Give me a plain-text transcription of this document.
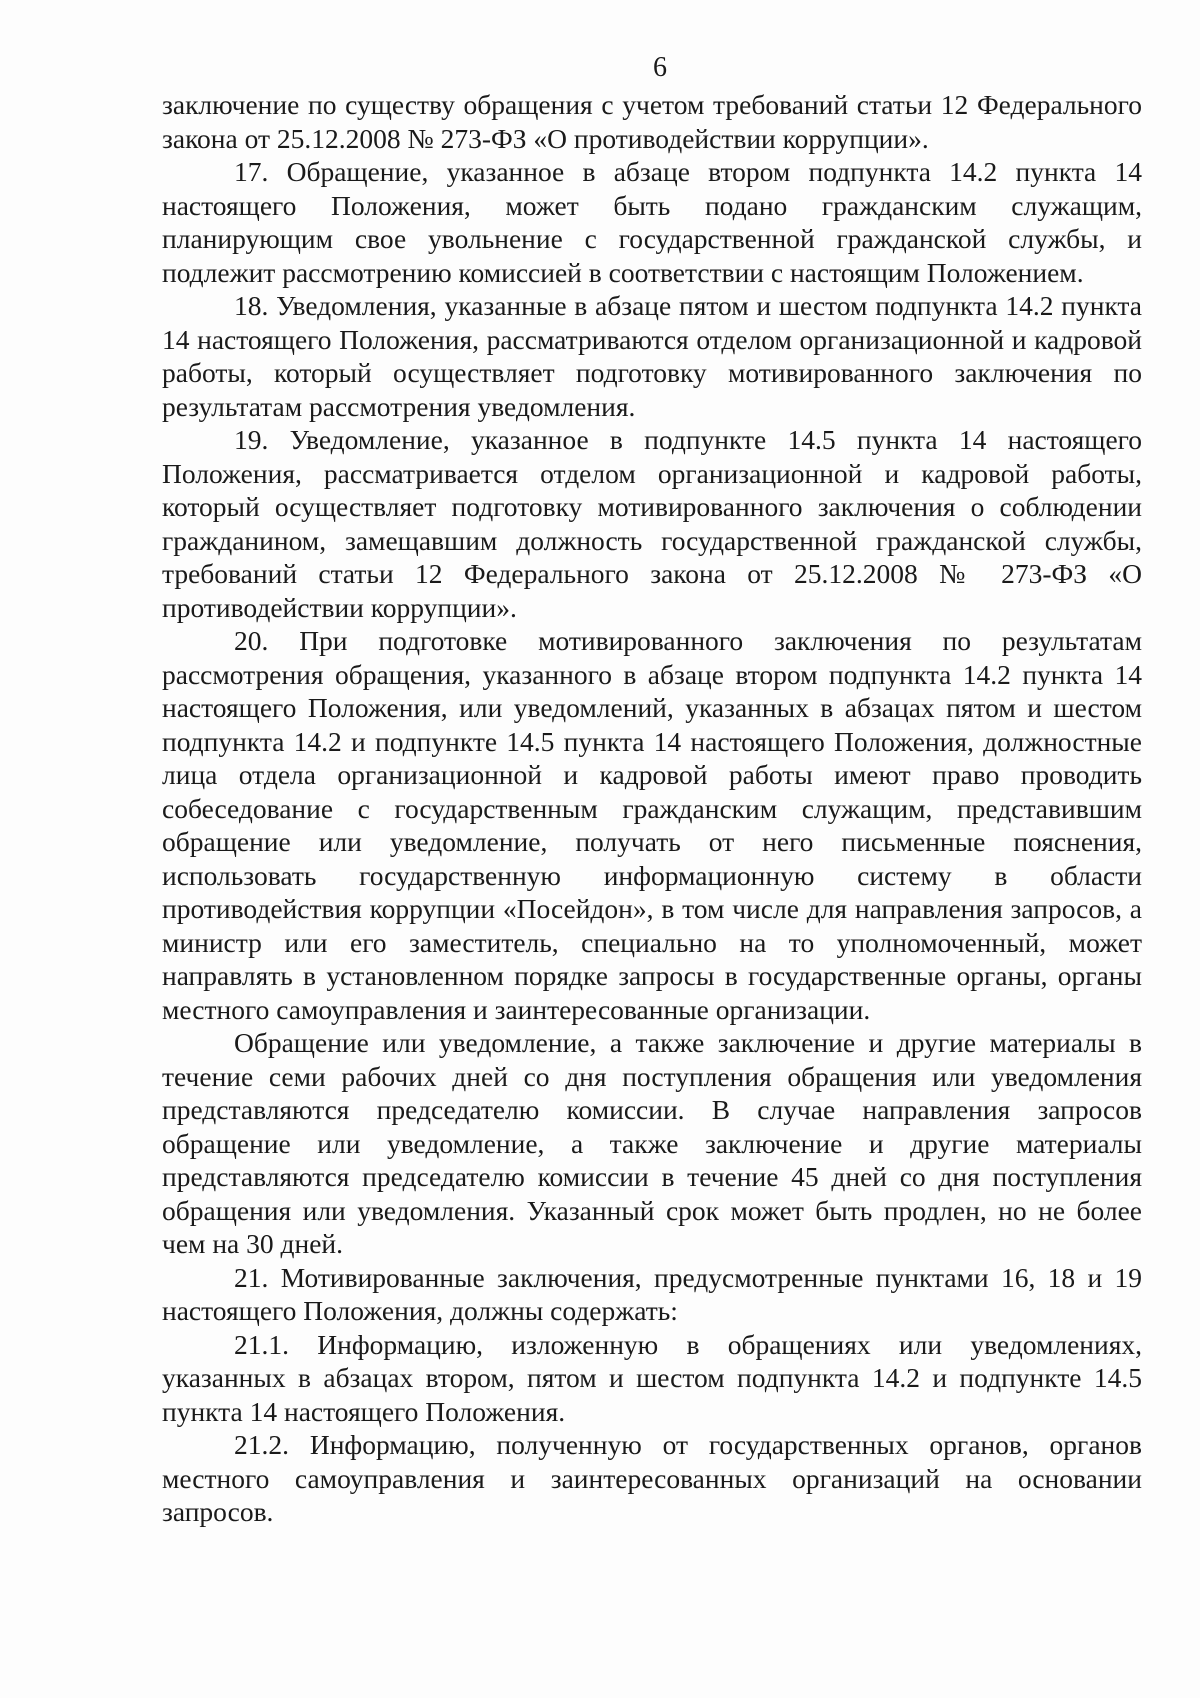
6

заключение по существу обращения с учетом требований статьи 12 Федерального закона от 25.12.2008 № 273-ФЗ «О противодействии коррупции».

17. Обращение, указанное в абзаце втором подпункта 14.2 пункта 14 настоящего Положения, может быть подано гражданским служащим, планирующим свое увольнение с государственной гражданской службы, и подлежит рассмотрению комиссией в соответствии с настоящим Положением.

18. Уведомления, указанные в абзаце пятом и шестом подпункта 14.2 пункта 14 настоящего Положения, рассматриваются отделом организационной и кадровой работы, который осуществляет подготовку мотивированного заключения по результатам рассмотрения уведомления.

19. Уведомление, указанное в подпункте 14.5 пункта 14 настоящего Положения, рассматривается отделом организационной и кадровой работы, который осуществляет подготовку мотивированного заключения о соблюдении гражданином, замещавшим должность государственной гражданской службы, требований статьи 12 Федерального закона от 25.12.2008 № 273-ФЗ «О противодействии коррупции».

20. При подготовке мотивированного заключения по результатам рассмотрения обращения, указанного в абзаце втором подпункта 14.2 пункта 14 настоящего Положения, или уведомлений, указанных в абзацах пятом и шестом подпункта 14.2 и подпункте 14.5 пункта 14 настоящего Положения, должностные лица отдела организационной и кадровой работы имеют право проводить собеседование с государственным гражданским служащим, представившим обращение или уведомление, получать от него письменные пояснения, использовать государственную информационную систему в области противодействия коррупции «Посейдон», в том числе для направления запросов, а министр или его заместитель, специально на то уполномоченный, может направлять в установленном порядке запросы в государственные органы, органы местного самоуправления и заинтересованные организации.

Обращение или уведомление, а также заключение и другие материалы в течение семи рабочих дней со дня поступления обращения или уведомления представляются председателю комиссии. В случае направления запросов обращение или уведомление, а также заключение и другие материалы представляются председателю комиссии в течение 45 дней со дня поступления обращения или уведомления. Указанный срок может быть продлен, но не более чем на 30 дней.

21. Мотивированные заключения, предусмотренные пунктами 16, 18 и 19 настоящего Положения, должны содержать:

21.1. Информацию, изложенную в обращениях или уведомлениях, указанных в абзацах втором, пятом и шестом подпункта 14.2 и подпункте 14.5 пункта 14 настоящего Положения.

21.2. Информацию, полученную от государственных органов, органов местного самоуправления и заинтересованных организаций на основании запросов.
